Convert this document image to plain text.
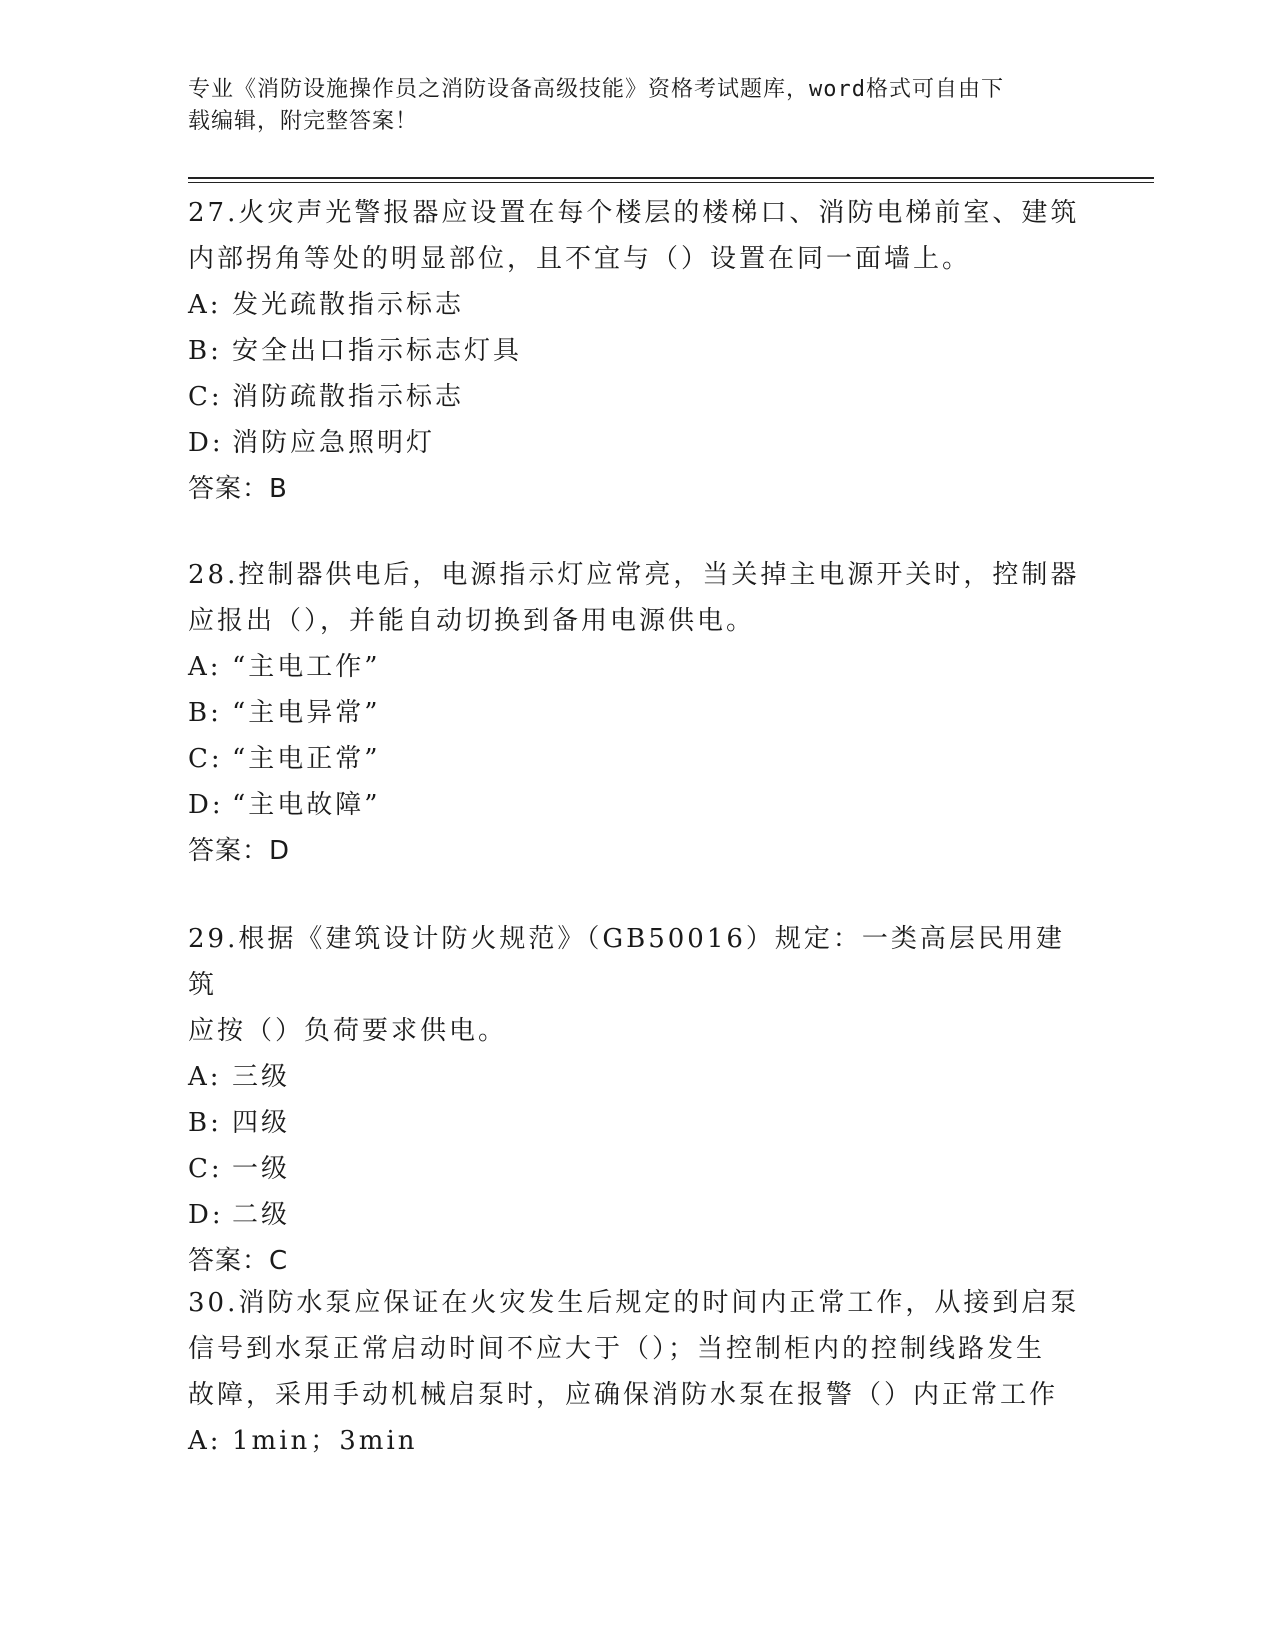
专业《消防设施操作员之消防设备高级技能》资格考试题库，word格式可自由下
载编辑，附完整答案！

27.火灾声光警报器应设置在每个楼层的楼梯口、消防电梯前室、建筑

内部拐角等处的明显部位，且不宜与（）设置在同一面墙上。

A: 发光疏散指示标志

B: 安全出口指示标志灯具

C: 消防疏散指示标志

D: 消防应急照明灯

答案：B

28.控制器供电后，电源指示灯应常亮，当关掉主电源开关时，控制器

应报出（），并能自动切换到备用电源供电。

A: “主电工作”

B: “主电异常”

C: “主电正常”

D: “主电故障”

答案：D

29.根据《建筑设计防火规范》（GB50016）规定：一类高层民用建筑

应按（）负荷要求供电。

A: 三级

B: 四级

C: 一级

D: 二级

答案：C

30.消防水泵应保证在火灾发生后规定的时间内正常工作，从接到启泵

信号到水泵正常启动时间不应大于（）；当控制柜内的控制线路发生

故障，采用手动机械启泵时，应确保消防水泵在报警（）内正常工作

A: 1min；3min
